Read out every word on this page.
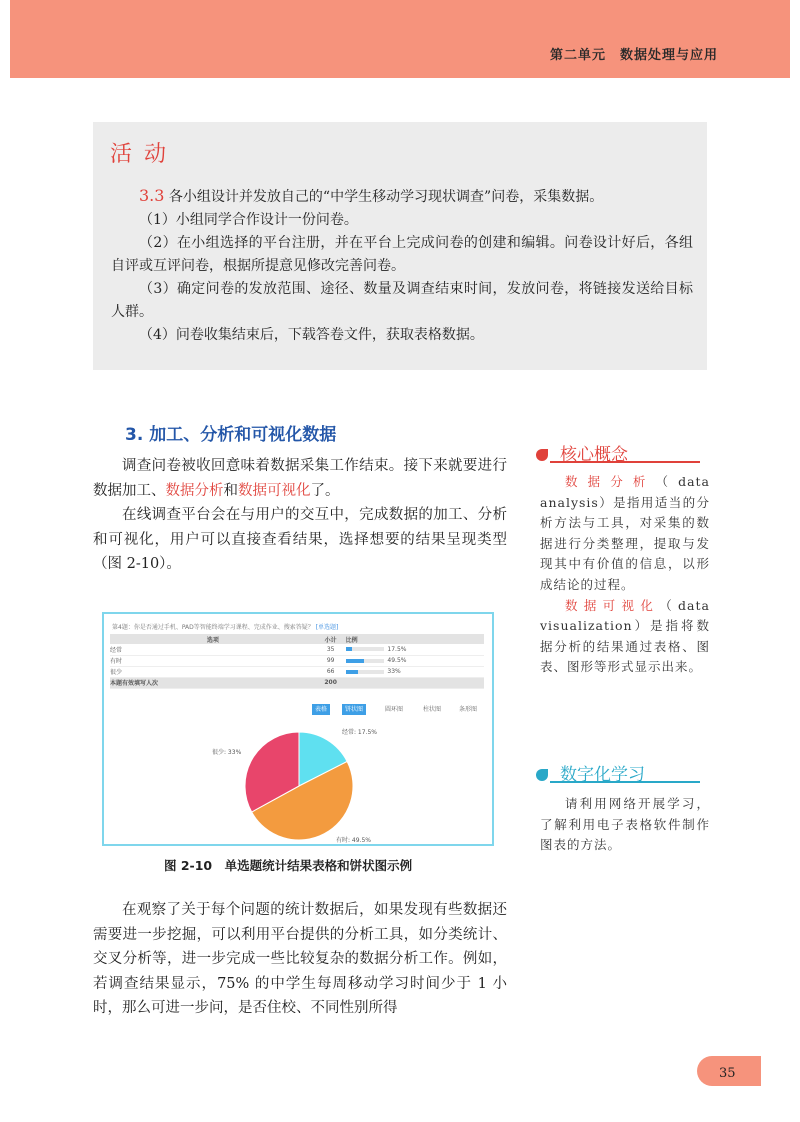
第二单元　数据处理与应用
活动
3.3 各小组设计并发放自己的“中学生移动学习现状调查”问卷，采集数据。
（1）小组同学合作设计一份问卷。
（2）在小组选择的平台注册，并在平台上完成问卷的创建和编辑。问卷设计好后，各组自评或互评问卷，根据所提意见修改完善问卷。
（3）确定问卷的发放范围、途径、数量及调查结束时间，发放问卷，将链接发送给目标人群。
（4）问卷收集结束后，下载答卷文件，获取表格数据。
3. 加工、分析和可视化数据
调查问卷被收回意味着数据采集工作结束。接下来就要进行数据加工、数据分析和数据可视化了。
在线调查平台会在与用户的交互中，完成数据的加工、分析和可视化，用户可以直接查看结果，选择想要的结果呈现类型（图 2-10）。
第4题：你是否通过手机、PAD等智能终端学习课程、完成作业、搜索答疑？ [单选题]
选项	小计	比例
经常	35	17.5%
有时	99	49.5%
很少	66	33%
本题有效填写人次	200	
表格	饼状图	圆环图	柱状图	条形图
经常: 17.5%
有时: 49.5%
很少: 33%
图 2-10　单选题统计结果表格和饼状图示例
在观察了关于每个问题的统计数据后，如果发现有些数据还需要进一步挖掘，可以利用平台提供的分析工具，如分类统计、交叉分析等，进一步完成一些比较复杂的数据分析工作。例如，若调查结果显示，75% 的中学生每周移动学习时间少于 1 小时，那么可进一步问，是否住校、不同性别所得
核心概念
数据分析（data analysis）是指用适当的分析方法与工具，对采集的数据进行分类整理，提取与发现其中有价值的信息，以形成结论的过程。
数据可视化（data visualization）是指将数据分析的结果通过表格、图表、图形等形式显示出来。
数字化学习
请利用网络开展学习，了解利用电子表格软件制作图表的方法。
35
